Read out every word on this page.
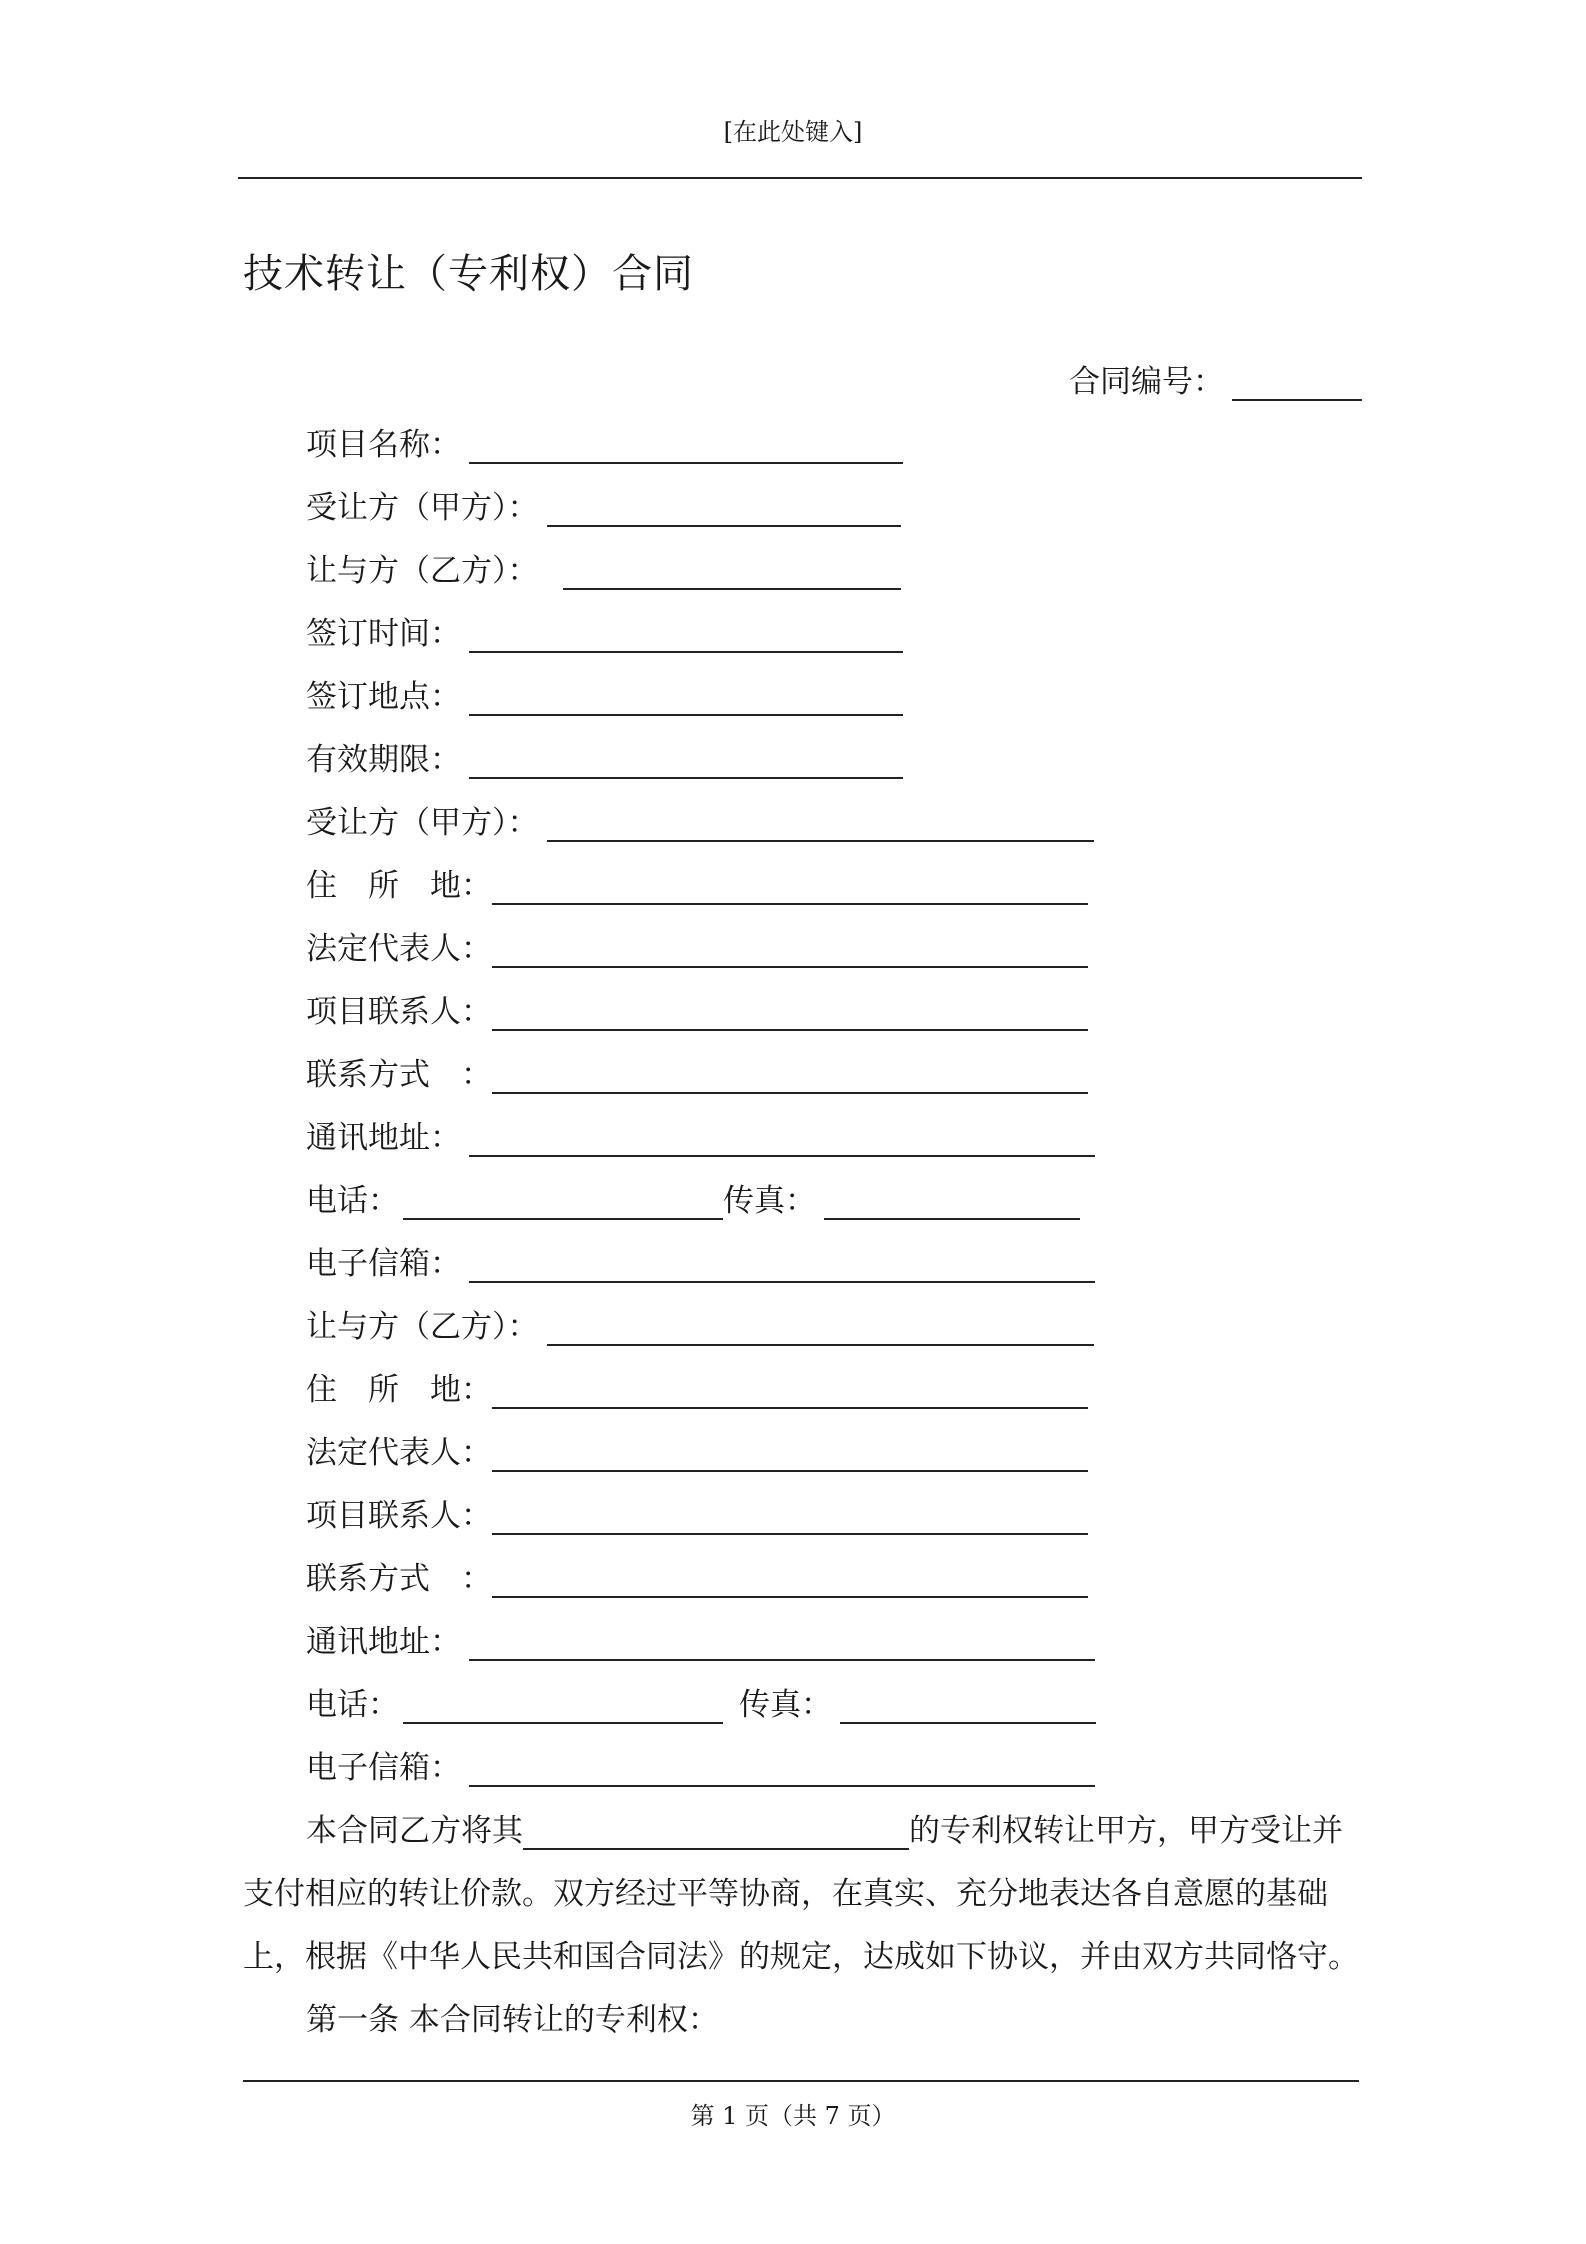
[在此处键入]
技术转让（专利权）合同
合同编号：
项目名称：
受让方（甲方）：
让与方（乙方）：
签订时间：
签订地点：
有效期限：
受让方（甲方）：
住　所　地：
法定代表人：
项目联系人：
联系方式　：
通讯地址：
电话：	传真：
电子信箱：
让与方（乙方）：
住　所　地：
法定代表人：
项目联系人：
联系方式　：
通讯地址：
电话：	传真：
电子信箱：
本合同乙方将其	的专利权转让甲方，甲方受让并
支付相应的转让价款。双方经过平等协商，在真实、充分地表达各自意愿的基础
上，根据《中华人民共和国合同法》的规定，达成如下协议，并由双方共同恪守。
第一条 本合同转让的专利权：
第 1 页（共 7 页）
